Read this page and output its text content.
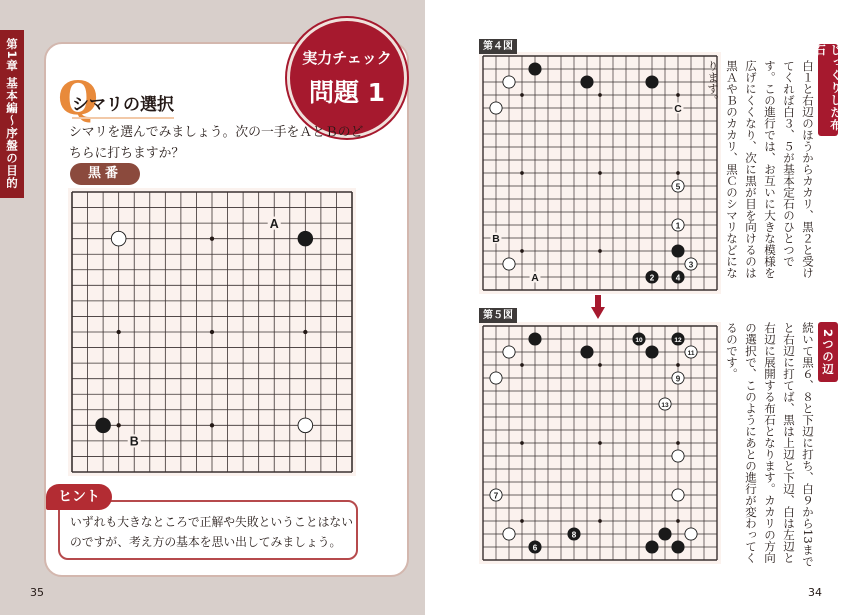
第1章 基本編～序盤の目的	実力チェック
問題 1
Q
シマリの選択
シマリを選んでみましょう。次の一手をＡとＢのどちらに打ちますか？
黒番
A
B
ヒント
いずれも大きなところで正解や失敗ということはないのですが、考え方の基本を思い出してみましょう。
35
5
1
3
2	4
C
B
A
第４図
10	12
11
9
13
7
8
6
第５図
じっくりした布石
白１と右辺のほうからカカリ、黒２と受けてくれば白３、５が基本定石のひとつです。この進行では、お互いに大きな模様を広げにくくなり、次に黒が目を向けるのは黒ＡやＢのカカリ、黒Ｃのシマリなどになります。
2つの辺
続いて黒６、８と下辺に打ち、白９から13までと右辺に打てば、黒は上辺と下辺、白は左辺と右辺に展開する布石となります。カカリの方向の選択で、このようにあとの進行が変わってくるのです。
34
